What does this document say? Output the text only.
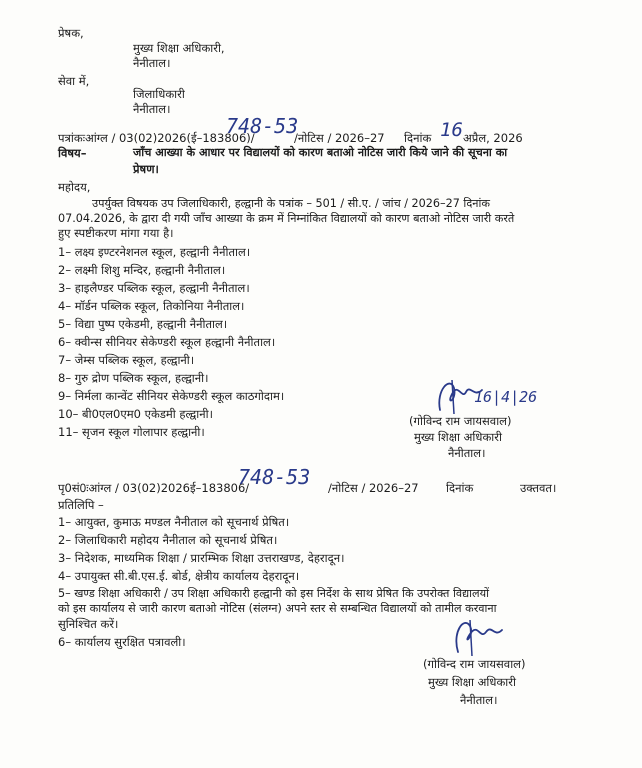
प्रेषक,
मुख्य शिक्षा अधिकारी,
नैनीताल।
सेवा में,
जिलाधिकारी
नैनीताल।
पत्रांकःआंग्ल / 03(02)2026(ई–183806)/
748-53
/नोटिस / 2026–27 दिनांक 16 अप्रैल, 2026
विषय–	जॉंच आख्या के आधार पर विद्यालयों को कारण बताओ नोटिस जारी किये जाने की सूचना का
प्रेषण।
महोदय,
उपर्युक्त विषयक उप जिलाधिकारी, हल्द्वानी के पत्रांक – 501 / सी.ए. / जांच / 2026–27 दिनांक
07.04.2026, के द्वारा दी गयी जॉंच आख्या के क्रम में निम्नांकित विद्यालयों को कारण बताओ नोटिस जारी करते
हुए स्पष्टीकरण मांगा गया है।
1– लक्ष्य इण्टरनेशनल स्कूल, हल्द्वानी नैनीताल।
2– लक्ष्मी शिशु मन्दिर, हल्द्वानी नैनीताल।
3– हाइलैण्डर पब्लिक स्कूल, हल्द्वानी नैनीताल।
4– मॉर्डन पब्लिक स्कूल, तिकोनिया नैनीताल।
5– विद्या पुष्प एकेडमी, हल्द्वानी नैनीताल।
6– क्वीन्स सीनियर सेकेण्डरी स्कूल हल्द्वानी नैनीताल।
7– जेम्स पब्लिक स्कूल, हल्द्वानी।
8– गुरु द्रोण पब्लिक स्कूल, हल्द्वानी।
9– निर्मला कान्वेंट सीनियर सेकेण्डरी स्कूल काठगोदाम।
10– बी0एल0एम0 एकेडमी हल्द्वानी।
11– सृजन स्कूल गोलापार हल्द्वानी।
16|4|26
(गोविन्द राम जायसवाल)
मुख्य शिक्षा अधिकारी
नैनीताल।
पृ0सं0ःआंग्ल / 03(02)2026ई–183806/
748-53 /नोटिस / 2026–27 दिनांक	उक्तवत।
प्रतिलिपि –
1– आयुक्त, कुमाऊ मण्डल नैनीताल को सूचनार्थ प्रेषित।
2– जिलाधिकारी महोदय नैनीताल को सूचनार्थ प्रेषित।
3– निदेशक, माध्यमिक शिक्षा / प्रारम्भिक शिक्षा उत्तराखण्ड, देहरादून।
4– उपायुक्त सी.बी.एस.ई. बोर्ड, क्षेत्रीय कार्यालय देहरादून।
5– खण्ड शिक्षा अधिकारी / उप शिक्षा अधिकारी हल्द्वानी को इस निर्देश के साथ प्रेषित कि उपरोक्त विद्यालयों
को इस कार्यालय से जारी कारण बताओ नोटिस (संलग्न) अपने स्तर से सम्बन्धित विद्यालयों को तामील करवाना
सुनिश्चित करें।
6– कार्यालय सुरक्षित पत्रावली।
(गोविन्द राम जायसवाल)
मुख्य शिक्षा अधिकारी
नैनीताल।
